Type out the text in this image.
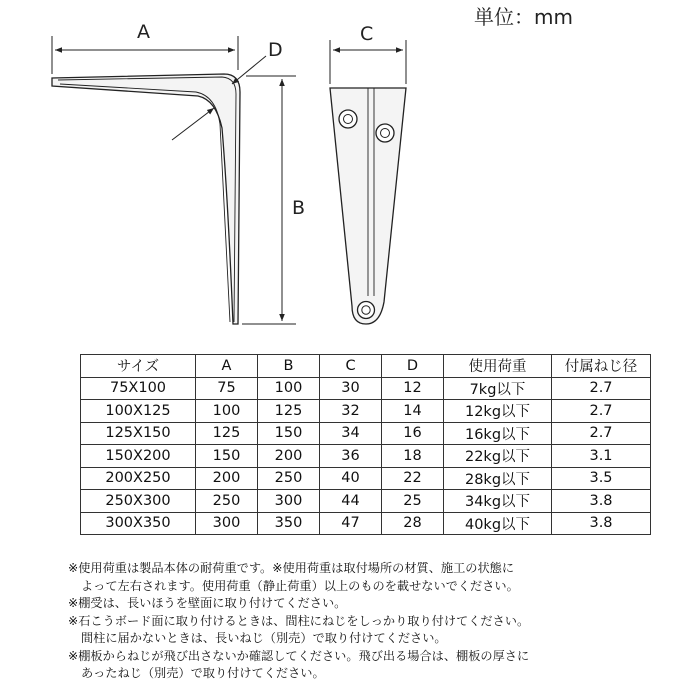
単位：mm
A
D
B
C
サイズ	A	B	C	D	使用荷重	付属ねじ径
75X100	75	100	30	12	7kg以下	2.7
100X125	100	125	32	14	12kg以下	2.7
125X150	125	150	34	16	16kg以下	2.7
150X200	150	200	36	18	22kg以下	3.1
200X250	200	250	40	22	28kg以下	3.5
250X300	250	300	44	25	34kg以下	3.8
300X350	300	350	47	28	40kg以下	3.8

※使用荷重は製品本体の耐荷重です。※使用荷重は取付場所の材質、施工の状態に

よって左右されます。使用荷重（静止荷重）以上のものを載せないでください。

※棚受は、長いほうを壁面に取り付けてください。

※石こうボード面に取り付けるときは、間柱にねじをしっかり取り付けてください。

間柱に届かないときは、長いねじ（別売）で取り付けてください。

※棚板からねじが飛び出さないか確認してください。飛び出る場合は、棚板の厚さに

あったねじ（別売）で取り付けてください。
